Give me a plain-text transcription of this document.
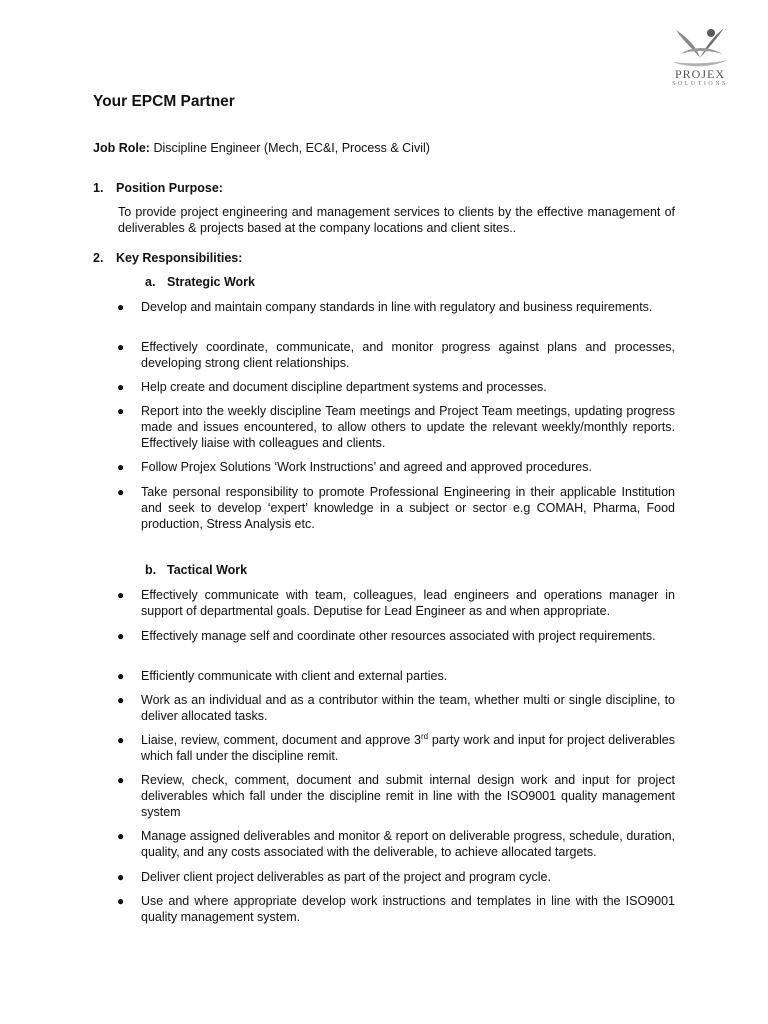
PROJEX
SOLUTIONS
Your EPCM Partner
Job Role: Discipline Engineer (Mech, EC&I, Process & Civil)
1. Position Purpose:
To provide project engineering and management services to clients by the effective management of deliverables & projects based at the company locations and client sites..
2. Key Responsibilities:
a. Strategic Work
● Develop and maintain company standards in line with regulatory and business requirements.
● Effectively coordinate, communicate, and monitor progress against plans and processes, developing strong client relationships.
● Help create and document discipline department systems and processes.
● Report into the weekly discipline Team meetings and Project Team meetings, updating progress made and issues encountered, to allow others to update the relevant weekly/monthly reports. Effectively liaise with colleagues and clients.
● Follow Projex Solutions ‘Work Instructions’ and agreed and approved procedures.
● Take personal responsibility to promote Professional Engineering in their applicable Institution and seek to develop ‘expert’ knowledge in a subject or sector e.g COMAH, Pharma, Food production, Stress Analysis etc.
b. Tactical Work
● Effectively communicate with team, colleagues, lead engineers and operations manager in support of departmental goals. Deputise for Lead Engineer as and when appropriate.
● Effectively manage self and coordinate other resources associated with project requirements.
● Efficiently communicate with client and external parties.
● Work as an individual and as a contributor within the team, whether multi or single discipline, to deliver allocated tasks.
● Liaise, review, comment, document and approve 3rd party work and input for project deliverables which fall under the discipline remit.
● Review, check, comment, document and submit internal design work and input for project deliverables which fall under the discipline remit in line with the ISO9001 quality management system
● Manage assigned deliverables and monitor & report on deliverable progress, schedule, duration, quality, and any costs associated with the deliverable, to achieve allocated targets.
● Deliver client project deliverables as part of the project and program cycle.
● Use and where appropriate develop work instructions and templates in line with the ISO9001 quality management system.
